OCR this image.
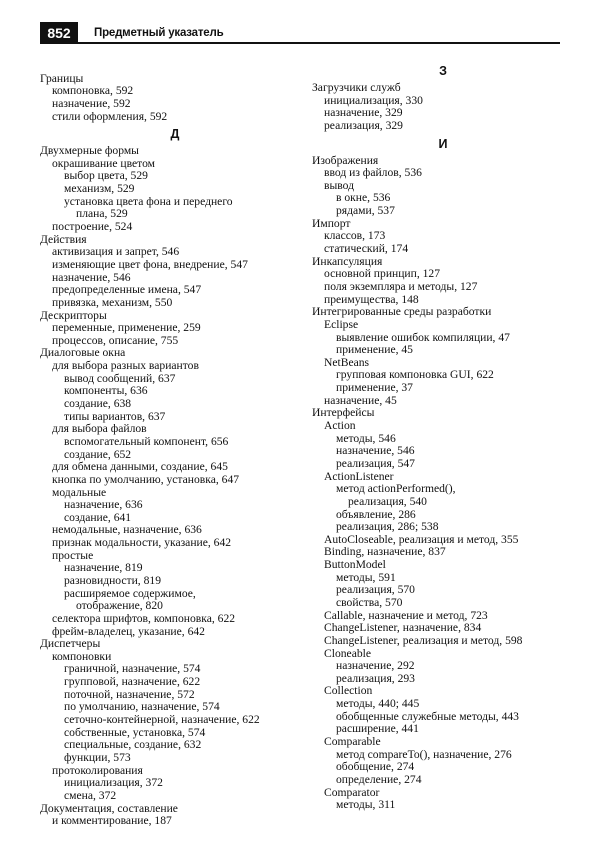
852	Предметный указатель
Границы
компоновка, 592
назначение, 592
стили оформления, 592
Д
Двухмерные формы
окрашивание цветом
выбор цвета, 529
механизм, 529
установка цвета фона и переднего
плана, 529
построение, 524
Действия
активизация и запрет, 546
изменяющие цвет фона, внедрение, 547
назначение, 546
предопределенные имена, 547
привязка, механизм, 550
Дескрипторы
переменные, применение, 259
процессов, описание, 755
Диалоговые окна
для выбора разных вариантов
вывод сообщений, 637
компоненты, 636
создание, 638
типы вариантов, 637
для выбора файлов
вспомогательный компонент, 656
создание, 652
для обмена данными, создание, 645
кнопка по умолчанию, установка, 647
модальные
назначение, 636
создание, 641
немодальные, назначение, 636
признак модальности, указание, 642
простые
назначение, 819
разновидности, 819
расширяемое содержимое,
отображение, 820
селектора шрифтов, компоновка, 622
фрейм-владелец, указание, 642
Диспетчеры
компоновки
граничной, назначение, 574
групповой, назначение, 622
поточной, назначение, 572
по умолчанию, назначение, 574
сеточно-контейнерной, назначение, 622
собственные, установка, 574
специальные, создание, 632
функции, 573
протоколирования
инициализация, 372
смена, 372
Документация, составление
и комментирование, 187
З
Загрузчики служб
инициализация, 330
назначение, 329
реализация, 329
И
Изображения
ввод из файлов, 536
вывод
в окне, 536
рядами, 537
Импорт
классов, 173
статический, 174
Инкапсуляция
основной принцип, 127
поля экземпляра и методы, 127
преимущества, 148
Интегрированные среды разработки
Eclipse
выявление ошибок компиляции, 47
применение, 45
NetBeans
групповая компоновка GUI, 622
применение, 37
назначение, 45
Интерфейсы
Action
методы, 546
назначение, 546
реализация, 547
ActionListener
метод actionPerformed(),
реализация, 540
объявление, 286
реализация, 286; 538
AutoCloseable, реализация и метод, 355
Binding, назначение, 837
ButtonModel
методы, 591
реализация, 570
свойства, 570
Callable, назначение и метод, 723
ChangeListener, назначение, 834
ChangeListener, реализация и метод, 598
Cloneable
назначение, 292
реализация, 293
Collection
методы, 440; 445
обобщенные служебные методы, 443
расширение, 441
Comparable
метод compareTo(), назначение, 276
обобщение, 274
определение, 274
Comparator
методы, 311
